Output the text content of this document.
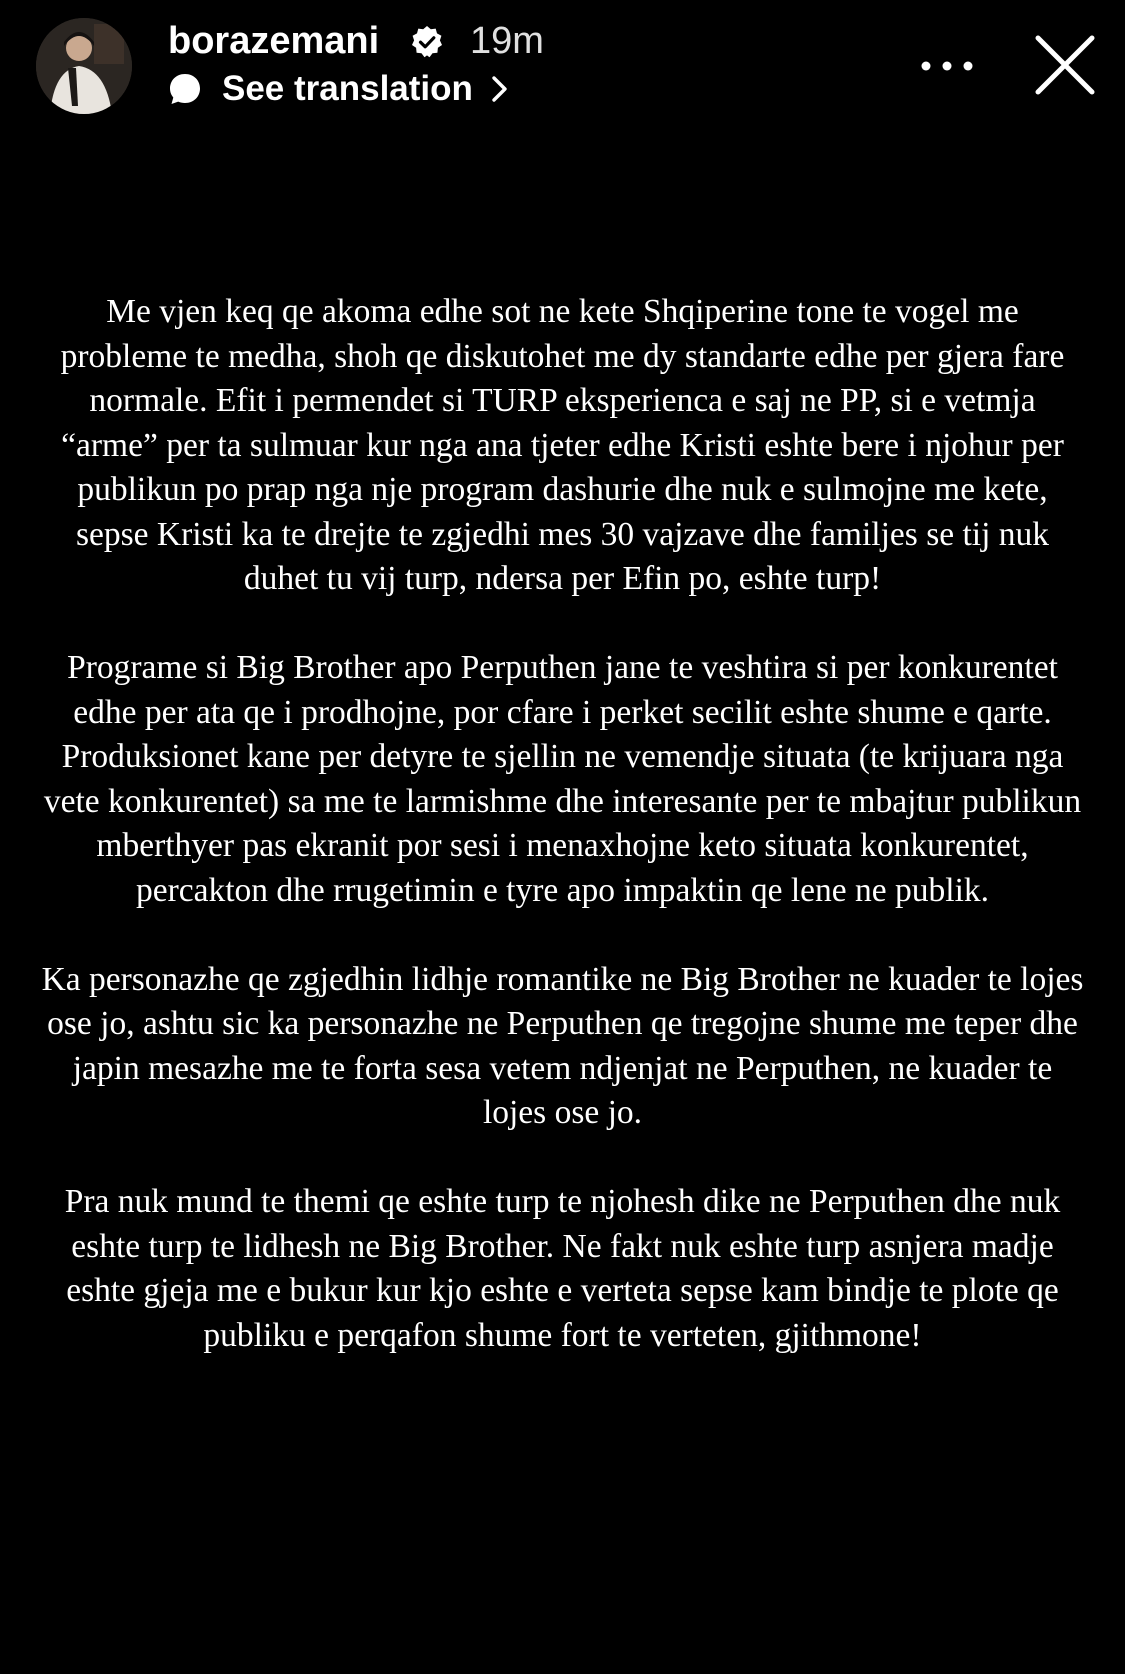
borazemani 19m
See translation

Me vjen keq qe akoma edhe sot ne kete Shqiperine tone te vogel me probleme te medha, shoh qe diskutohet me dy standarte edhe per gjera fare normale. Efit i permendet si TURP eksperienca e saj ne PP, si e vetmja “arme” per ta sulmuar kur nga ana tjeter edhe Kristi eshte bere i njohur per publikun po prap nga nje program dashurie dhe nuk e sulmojne me kete, sepse Kristi ka te drejte te zgjedhi mes 30 vajzave dhe familjes se tij nuk duhet tu vij turp, ndersa per Efin po, eshte turp!

Programe si Big Brother apo Perputhen jane te veshtira si per konkurentet edhe per ata qe i prodhojne, por cfare i perket secilit eshte shume e qarte. Produksionet kane per detyre te sjellin ne vemendje situata (te krijuara nga vete konkurentet) sa me te larmishme dhe interesante per te mbajtur publikun mberthyer pas ekranit por sesi i menaxhojne keto situata konkurentet, percakton dhe rrugetimin e tyre apo impaktin qe lene ne publik.

Ka personazhe qe zgjedhin lidhje romantike ne Big Brother ne kuader te lojes ose jo, ashtu sic ka personazhe ne Perputhen qe tregojne shume me teper dhe japin mesazhe me te forta sesa vetem ndjenjat ne Perputhen, ne kuader te lojes ose jo.

Pra nuk mund te themi qe eshte turp te njohesh dike ne Perputhen dhe nuk eshte turp te lidhesh ne Big Brother. Ne fakt nuk eshte turp asnjera madje eshte gjeja me e bukur kur kjo eshte e verteta sepse kam bindje te plote qe publiku e perqafon shume fort te verteten, gjithmone!
